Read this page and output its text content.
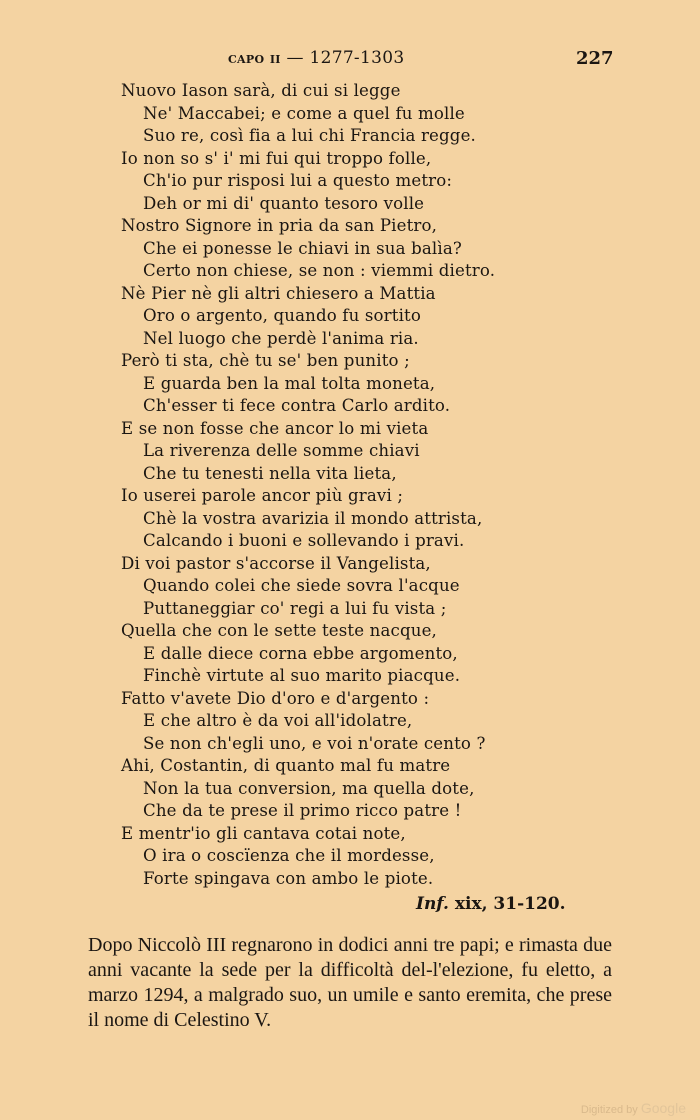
capo ii — 1277-1303	227
Nuovo Iason sarà, di cui si legge
Ne' Maccabei; e come a quel fu molle
Suo re, così fia a lui chi Francia regge.
Io non so s' i' mi fui qui troppo folle,
Ch'io pur risposi lui a questo metro:
Deh or mi di' quanto tesoro volle
Nostro Signore in pria da san Pietro,
Che ei ponesse le chiavi in sua balìa?
Certo non chiese, se non : viemmi dietro.
Nè Pier nè gli altri chiesero a Mattia
Oro o argento, quando fu sortito
Nel luogo che perdè l'anima ria.
Però ti sta, chè tu se' ben punito ;
E guarda ben la mal tolta moneta,
Ch'esser ti fece contra Carlo ardito.
E se non fosse che ancor lo mi vieta
La riverenza delle somme chiavi
Che tu tenesti nella vita lieta,
Io userei parole ancor più gravi ;
Chè la vostra avarizia il mondo attrista,
Calcando i buoni e sollevando i pravi.
Di voi pastor s'accorse il Vangelista,
Quando colei che siede sovra l'acque
Puttaneggiar co' regi a lui fu vista ;
Quella che con le sette teste nacque,
E dalle diece corna ebbe argomento,
Finchè virtute al suo marito piacque.
Fatto v'avete Dio d'oro e d'argento :
E che altro è da voi all'idolatre,
Se non ch'egli uno, e voi n'orate cento ?
Ahi, Costantin, di quanto mal fu matre
Non la tua conversion, ma quella dote,
Che da te prese il primo ricco patre !
E mentr'io gli cantava cotai note,
O ira o coscïenza che il mordesse,
Forte spingava con ambo le piote.
Inf. xix, 31-120.

Dopo Niccolò III regnarono in dodici anni tre papi; e rimasta due anni vacante la sede per la difficoltà del-l'elezione, fu eletto, a marzo 1294, a malgrado suo, un umile e santo eremita, che prese il nome di Celestino V.

Digitized by Google
